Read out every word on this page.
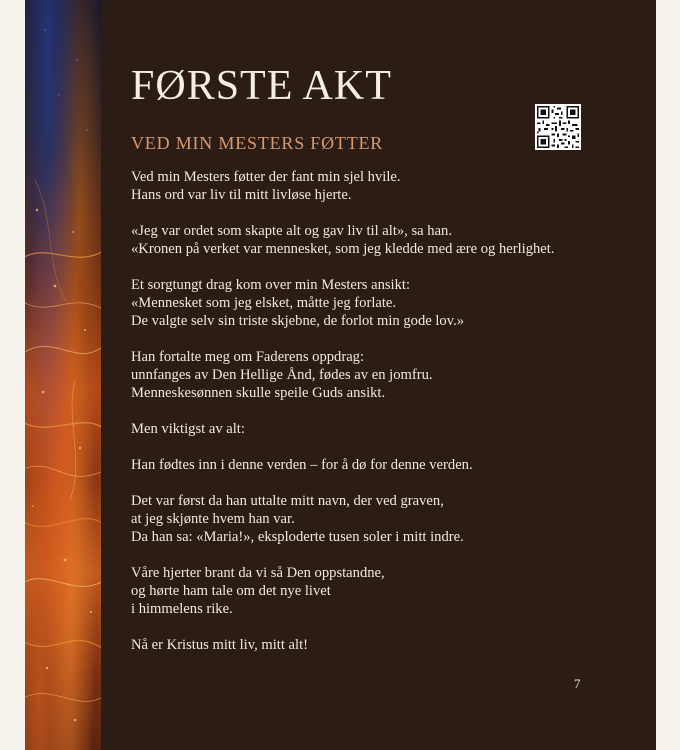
FØRSTE AKT
VED MIN MESTERS FØTTER
Ved min Mesters føtter der fant min sjel hvile.
Hans ord var liv til mitt livløse hjerte.
«Jeg var ordet som skapte alt og gav liv til alt», sa han.
«Kronen på verket var mennesket, som jeg kledde med ære og herlighet.
Et sorgtungt drag kom over min Mesters ansikt:
«Mennesket som jeg elsket, måtte jeg forlate.
De valgte selv sin triste skjebne, de forlot min gode lov.»
Han fortalte meg om Faderens oppdrag:
unnfanges av Den Hellige Ånd, fødes av en jomfru.
Menneskesønnen skulle speile Guds ansikt.
Men viktigst av alt:
Han fødtes inn i denne verden – for å dø for denne verden.
Det var først da han uttalte mitt navn, der ved graven,
at jeg skjønte hvem han var.
Da han sa: «Maria!», eksploderte tusen soler i mitt indre.
Våre hjerter brant da vi så Den oppstandne,
og hørte ham tale om det nye livet
i himmelens rike.
Nå er Kristus mitt liv, mitt alt!
7
